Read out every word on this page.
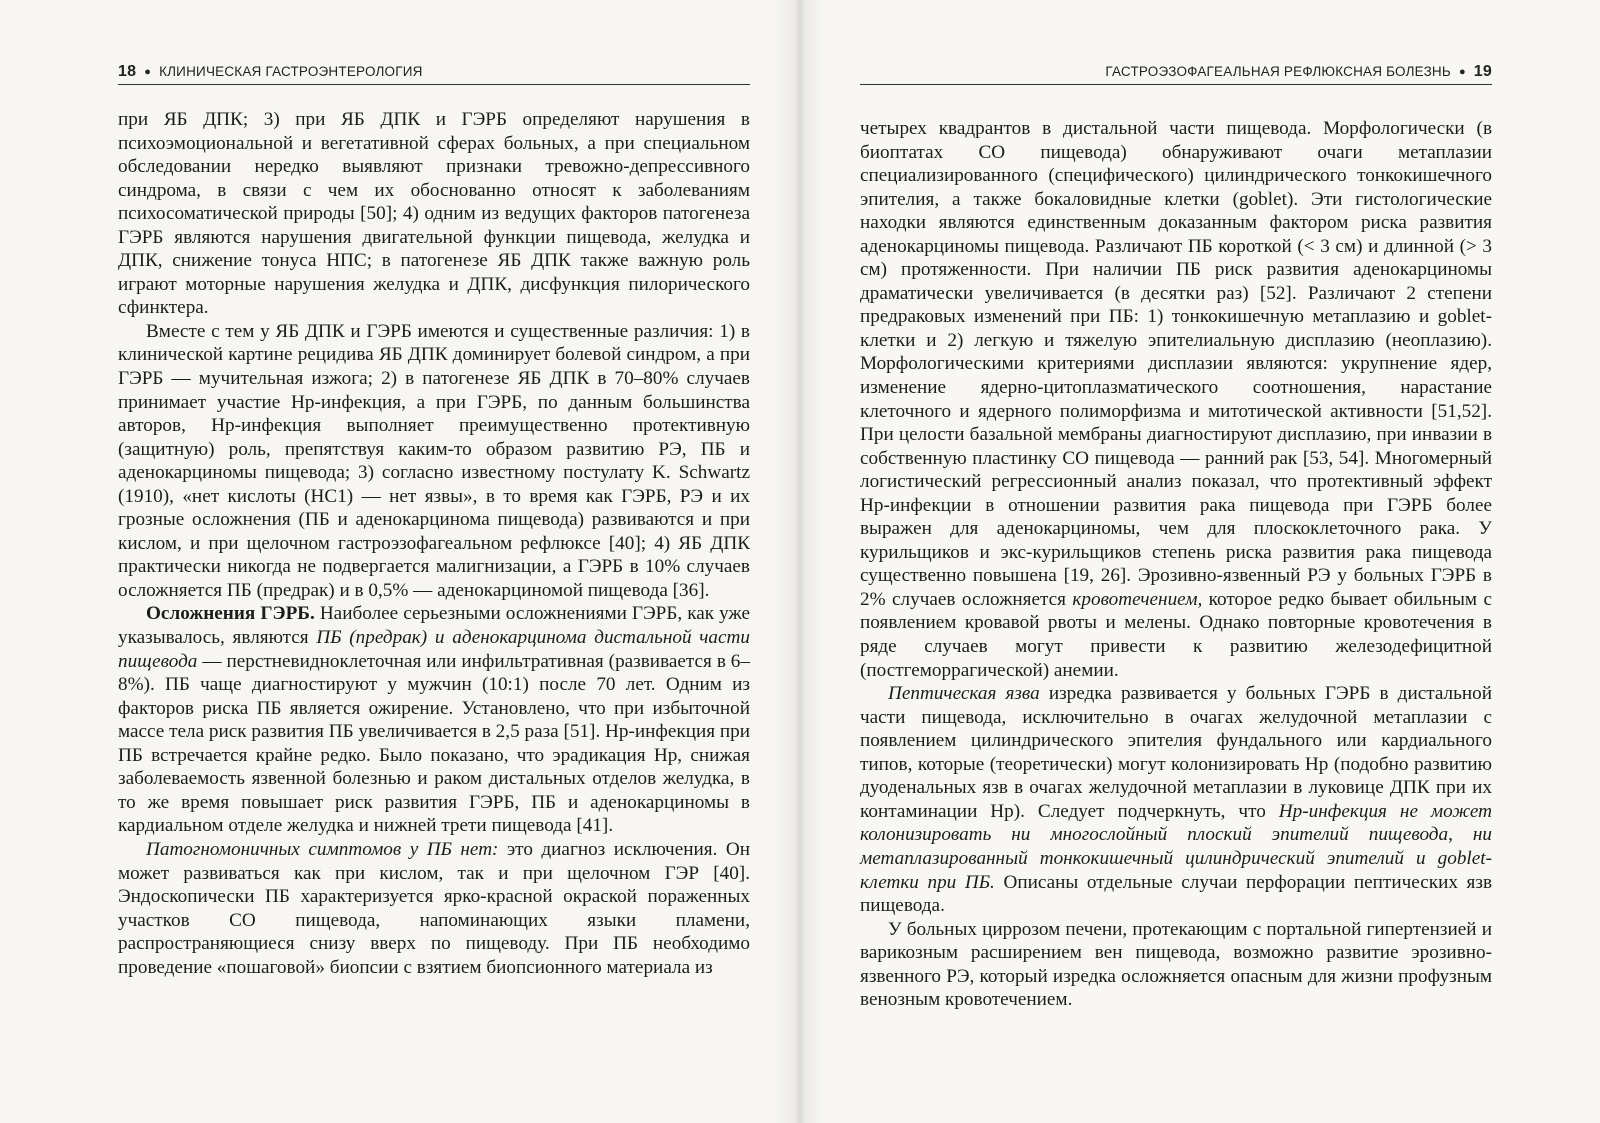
18 ● КЛИНИЧЕСКАЯ ГАСТРОЭНТЕРОЛОГИЯ

при ЯБ ДПК; 3) при ЯБ ДПК и ГЭРБ определяют нарушения в психоэмоциональной и вегетативной сферах больных, а при специальном обследовании нередко выявляют признаки тревожно-депрессивного синдрома, в связи с чем их обоснованно относят к заболеваниям психосоматической природы [50]; 4) одним из ведущих факторов патогенеза ГЭРБ являются нарушения двигательной функции пищевода, желудка и ДПК, снижение тонуса НПС; в патогенезе ЯБ ДПК также важную роль играют моторные нарушения желудка и ДПК, дисфункция пилорического сфинктера.

Вместе с тем у ЯБ ДПК и ГЭРБ имеются и существенные различия: 1) в клинической картине рецидива ЯБ ДПК доминирует болевой синдром, а при ГЭРБ — мучительная изжога; 2) в патогенезе ЯБ ДПК в 70–80% случаев принимает участие Нр-инфекция, а при ГЭРБ, по данным большинства авторов, Нр-инфекция выполняет преимущественно протективную (защитную) роль, препятствуя каким-то образом развитию РЭ, ПБ и аденокарциномы пищевода; 3) согласно известному постулату K. Schwartz (1910), «нет кислоты (НС1) — нет язвы», в то время как ГЭРБ, РЭ и их грозные осложнения (ПБ и аденокарцинома пищевода) развиваются и при кислом, и при щелочном гастроэзофагеальном рефлюксе [40]; 4) ЯБ ДПК практически никогда не подвергается малигнизации, а ГЭРБ в 10% случаев осложняется ПБ (предрак) и в 0,5% — аденокарциномой пищевода [36].

Осложнения ГЭРБ. Наиболее серьезными осложнениями ГЭРБ, как уже указывалось, являются ПБ (предрак) и аденокарцинома дистальной части пищевода — перстневидноклеточная или инфильтративная (развивается в 6–8%). ПБ чаще диагностируют у мужчин (10:1) после 70 лет. Одним из факторов риска ПБ является ожирение. Установлено, что при избыточной массе тела риск развития ПБ увеличивается в 2,5 раза [51]. Нр-инфекция при ПБ встречается крайне редко. Было показано, что эрадикация Нр, снижая заболеваемость язвенной болезнью и раком дистальных отделов желудка, в то же время повышает риск развития ГЭРБ, ПБ и аденокарциномы в кардиальном отделе желудка и нижней трети пищевода [41].

Патогномоничных симптомов у ПБ нет: это диагноз исключения. Он может развиваться как при кислом, так и при щелочном ГЭР [40]. Эндоскопически ПБ характеризуется ярко-красной окраской пораженных участков СО пищевода, напоминающих языки пламени, распространяющиеся снизу вверх по пищеводу. При ПБ необходимо проведение «пошаговой» биопсии с взятием биопсионного материала из

ГАСТРОЭЗОФАГЕАЛЬНАЯ РЕФЛЮКСНАЯ БОЛЕЗНЬ ● 19

четырех квадрантов в дистальной части пищевода. Морфологически (в биоптатах СО пищевода) обнаруживают очаги метаплазии специализированного (специфического) цилиндрического тонкокишечного эпителия, а также бокаловидные клетки (goblet). Эти гистологические находки являются единственным доказанным фактором риска развития аденокарциномы пищевода. Различают ПБ короткой (< 3 см) и длинной (> 3 см) протяженности. При наличии ПБ риск развития аденокарциномы драматически увеличивается (в десятки раз) [52]. Различают 2 степени предраковых изменений при ПБ: 1) тонкокишечную метаплазию и goblet-клетки и 2) легкую и тяжелую эпителиальную дисплазию (неоплазию). Морфологическими критериями дисплазии являются: укрупнение ядер, изменение ядерно-цитоплазматического соотношения, нарастание клеточного и ядерного полиморфизма и митотической активности [51,52]. При целости базальной мембраны диагностируют дисплазию, при инвазии в собственную пластинку СО пищевода — ранний рак [53, 54]. Многомерный логистический регрессионный анализ показал, что протективный эффект Нр-инфекции в отношении развития рака пищевода при ГЭРБ более выражен для аденокарциномы, чем для плоскоклеточного рака. У курильщиков и экс-курильщиков степень риска развития рака пищевода существенно повышена [19, 26]. Эрозивно-язвенный РЭ у больных ГЭРБ в 2% случаев осложняется кровотечением, которое редко бывает обильным с появлением кровавой рвоты и мелены. Однако повторные кровотечения в ряде случаев могут привести к развитию железодефицитной (постгеморрагической) анемии.

Пептическая язва изредка развивается у больных ГЭРБ в дистальной части пищевода, исключительно в очагах желудочной метаплазии с появлением цилиндрического эпителия фундального или кардиального типов, которые (теоретически) могут колонизировать Нр (подобно развитию дуоденальных язв в очагах желудочной метаплазии в луковице ДПК при их контаминации Нр). Следует подчеркнуть, что Нр-инфекция не может колонизировать ни многослойный плоский эпителий пищевода, ни метаплазированный тонкокишечный цилиндрический эпителий и goblet-клетки при ПБ. Описаны отдельные случаи перфорации пептических язв пищевода.

У больных циррозом печени, протекающим с портальной гипертензией и варикозным расширением вен пищевода, возможно развитие эрозивно-язвенного РЭ, который изредка осложняется опасным для жизни профузным венозным кровотечением.
